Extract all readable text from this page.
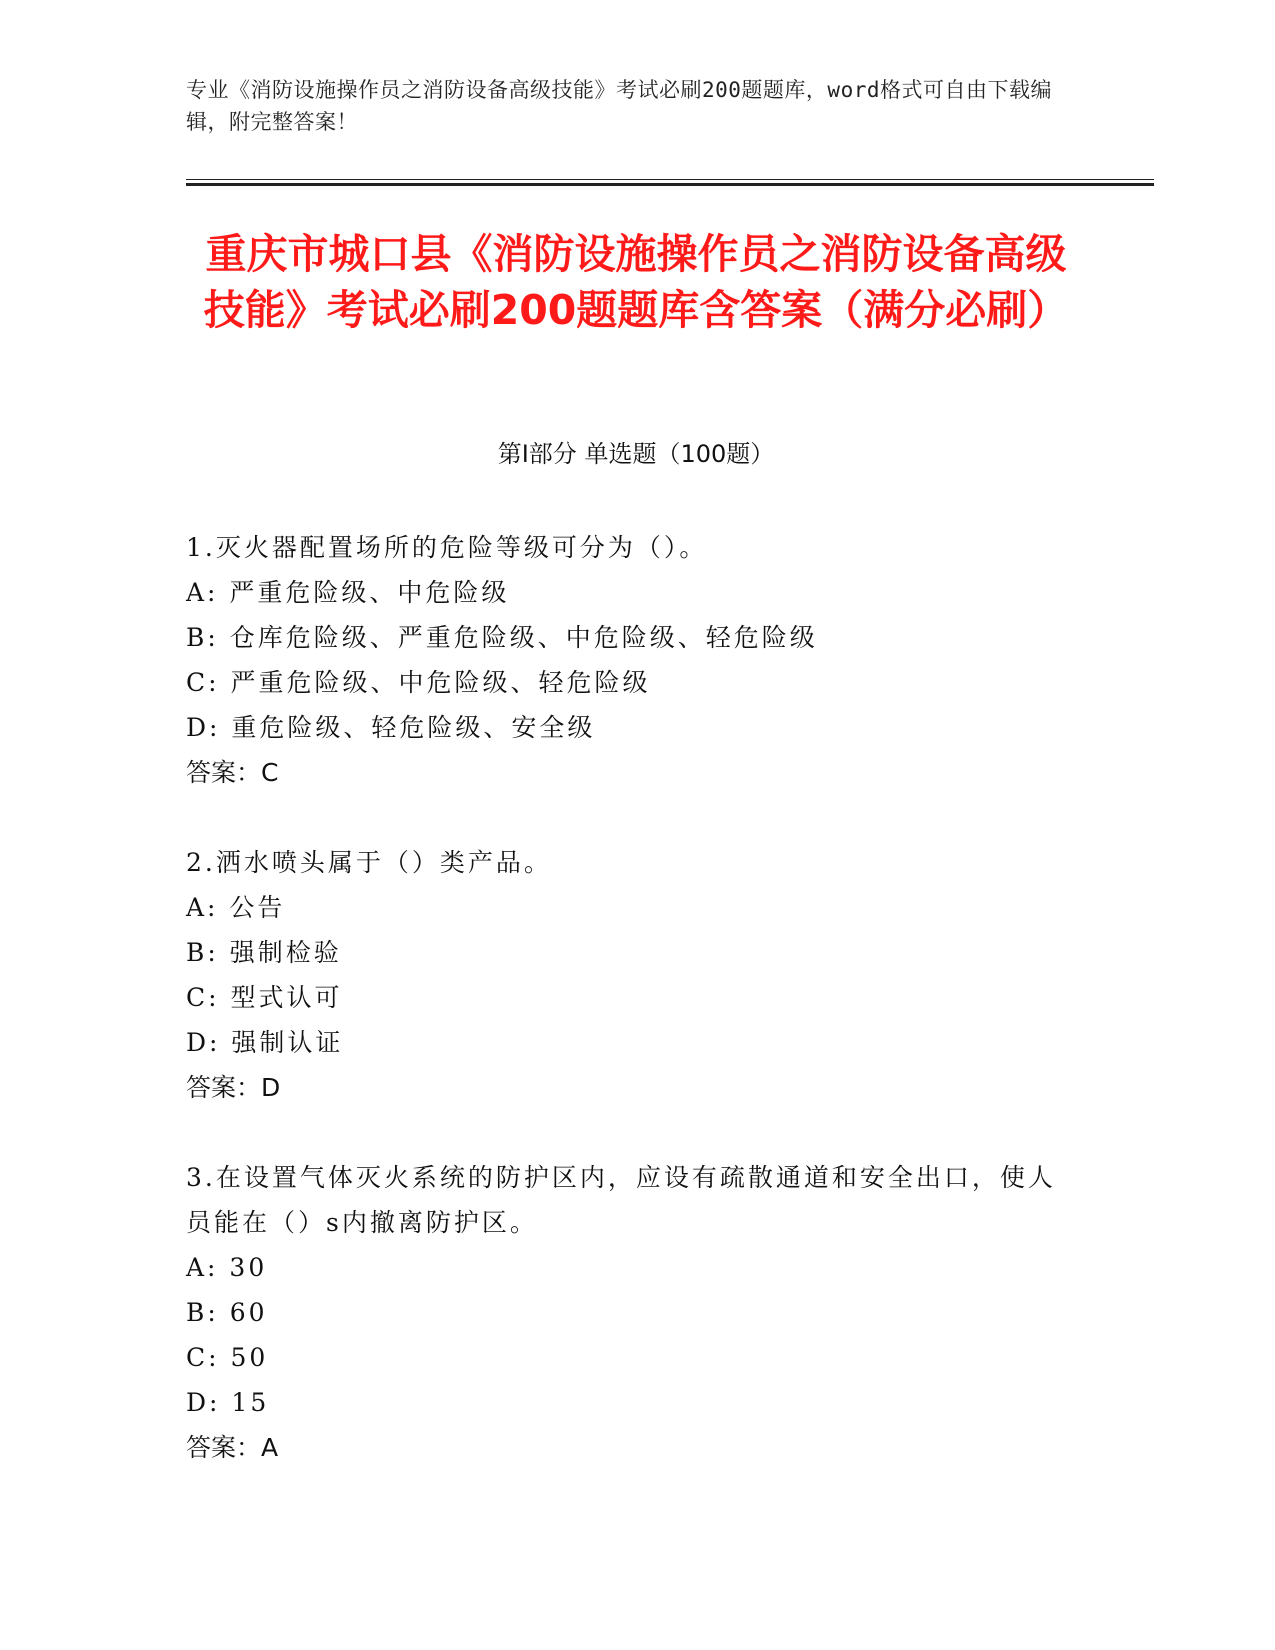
专业《消防设施操作员之消防设备高级技能》考试必刷200题题库，word格式可自由下载编辑，附完整答案！
重庆市城口县《消防设施操作员之消防设备高级技能》考试必刷200题题库含答案（满分必刷）
第Ⅰ部分 单选题（100题）
1.灭火器配置场所的危险等级可分为（）。
A: 严重危险级、中危险级
B: 仓库危险级、严重危险级、中危险级、轻危险级
C: 严重危险级、中危险级、轻危险级
D: 重危险级、轻危险级、安全级
答案：C
2.洒水喷头属于（）类产品。
A: 公告
B: 强制检验
C: 型式认可
D: 强制认证
答案：D
3.在设置气体灭火系统的防护区内，应设有疏散通道和安全出口，使人员能在（）s内撤离防护区。
A: 30
B: 60
C: 50
D: 15
答案：A
